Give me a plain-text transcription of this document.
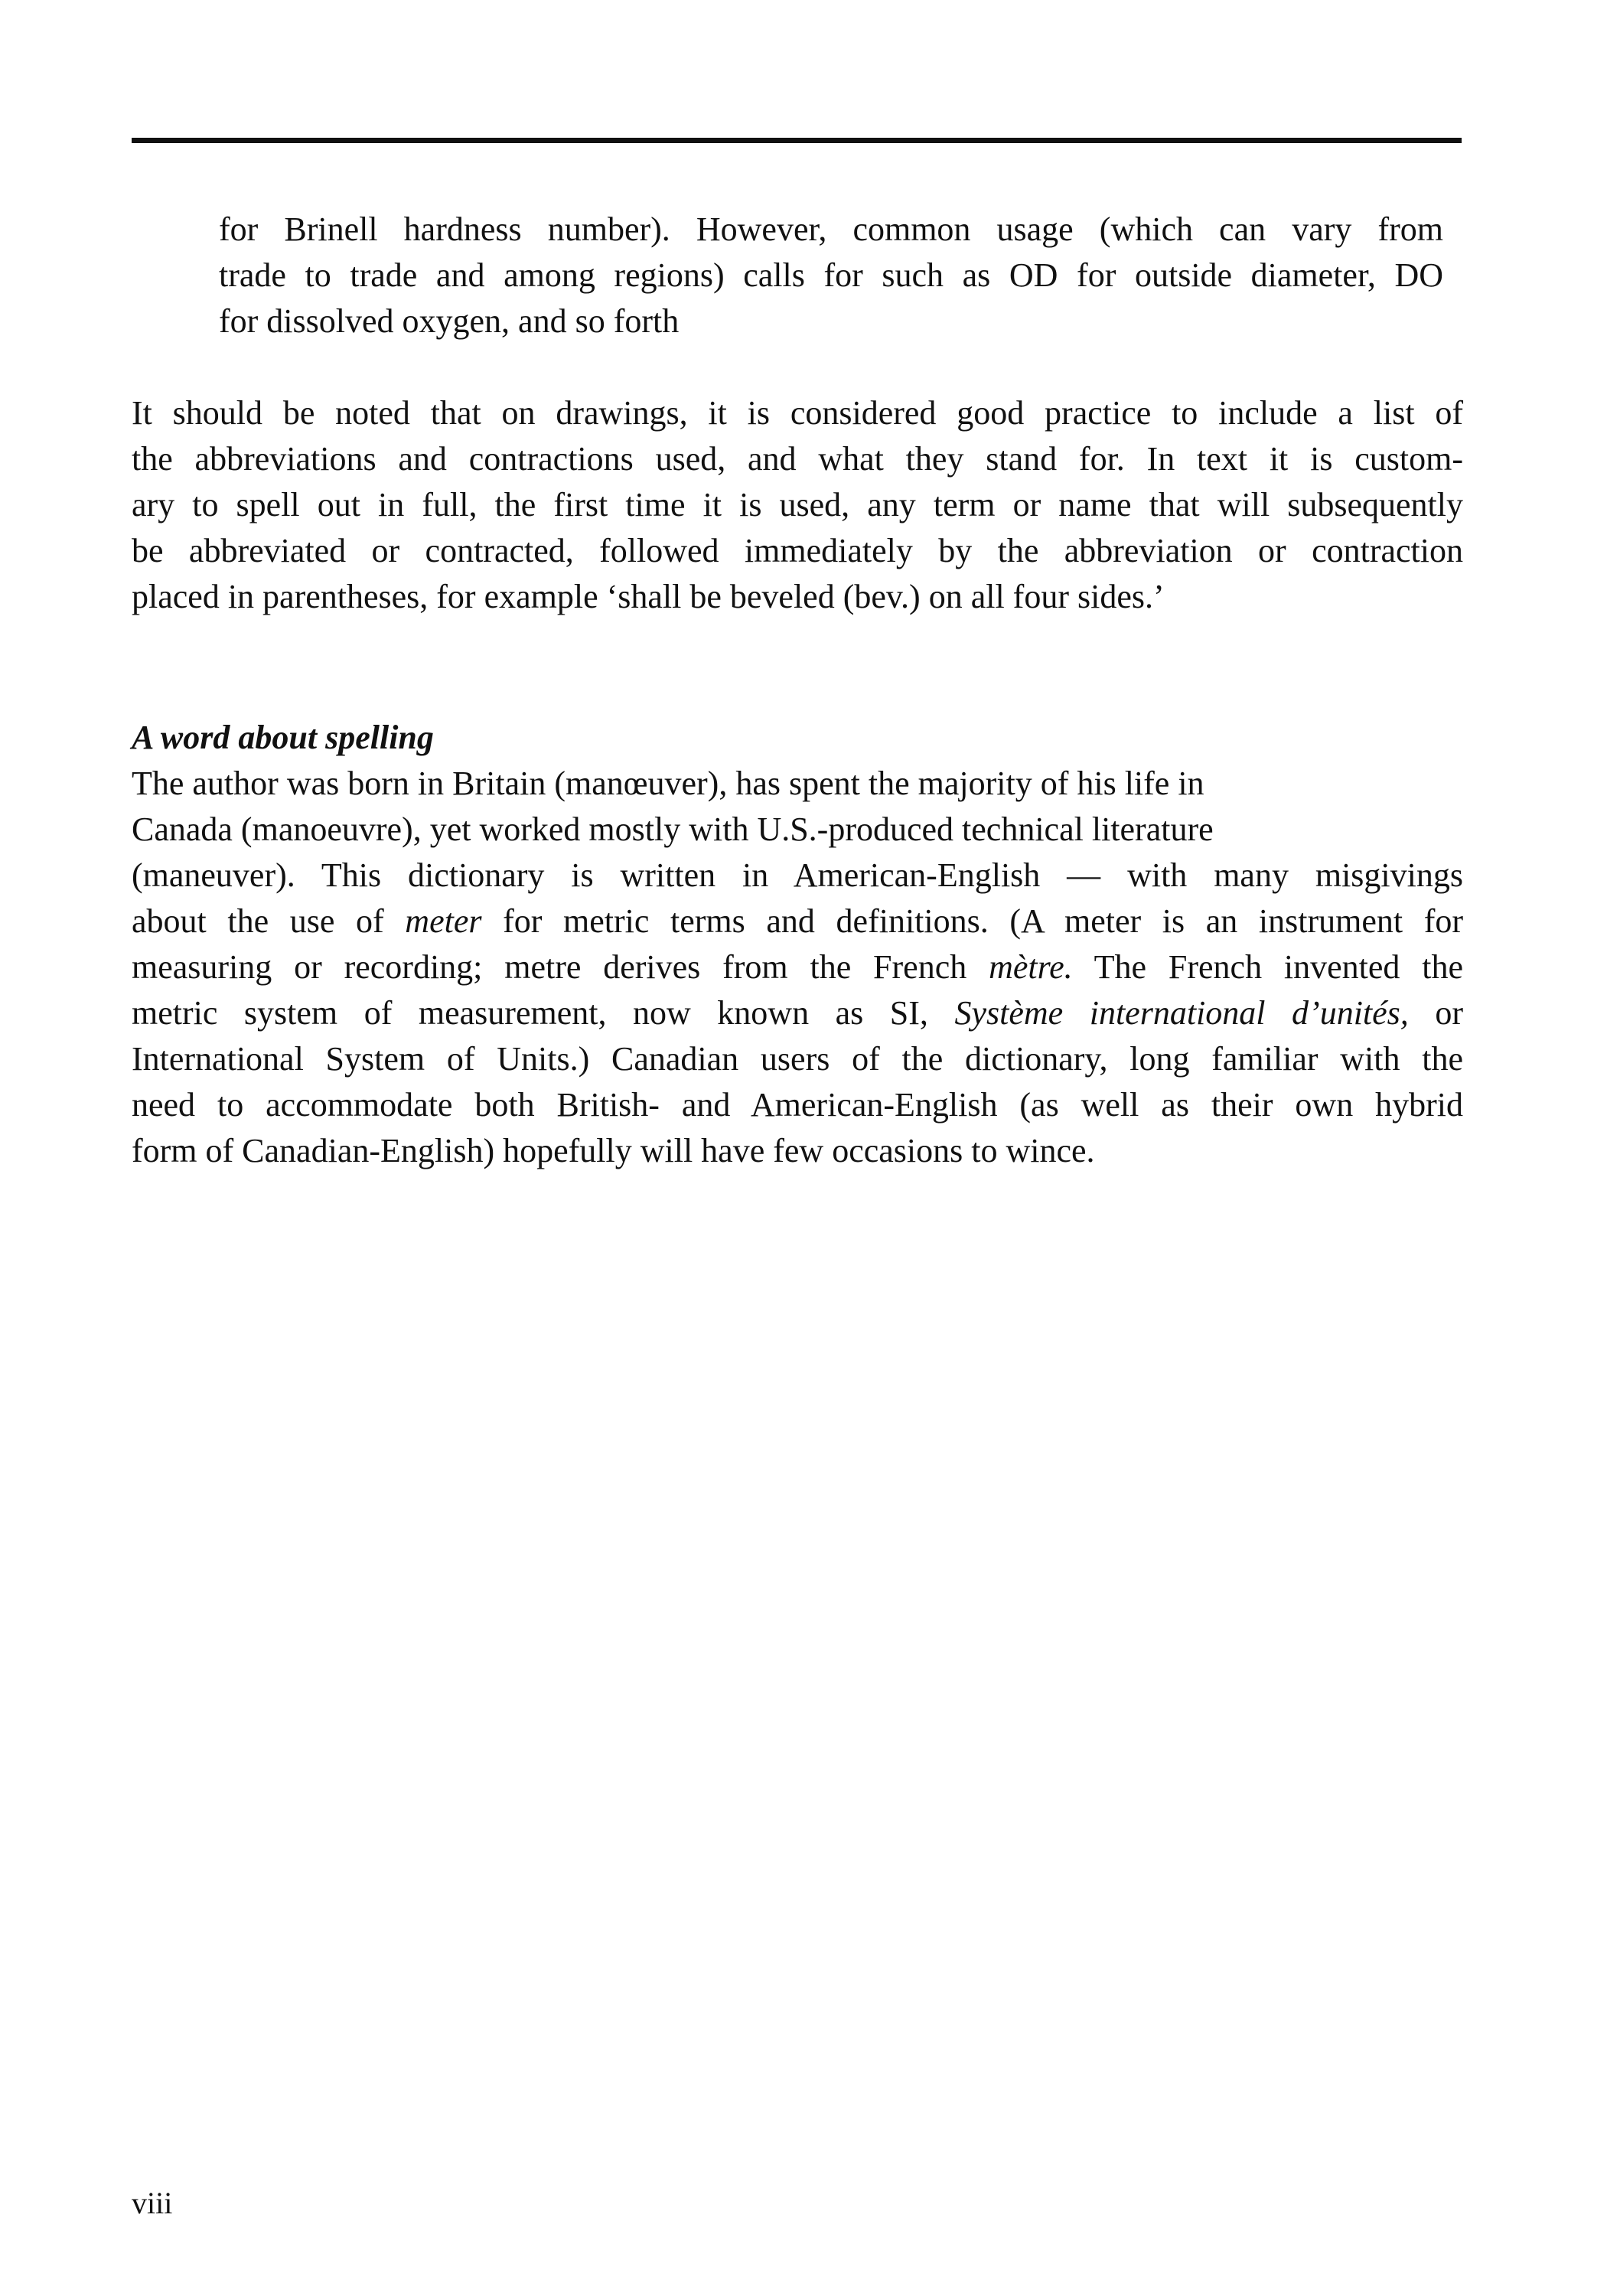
for Brinell hardness number). However, common usage (which can vary from
trade to trade and among regions) calls for such as OD for outside diameter, DO
for dissolved oxygen, and so forth

It should be noted that on drawings, it is considered good practice to include a list of
the abbreviations and contractions used, and what they stand for. In text it is custom-
ary to spell out in full, the first time it is used, any term or name that will subsequently
be abbreviated or contracted, followed immediately by the abbreviation or contraction
placed in parentheses, for example ‘shall be beveled (bev.) on all four sides.’

A word about spelling

The author was born in Britain (manœuver), has spent the majority of his life in
Canada (manoeuvre), yet worked mostly with U.S.-produced technical literature
(maneuver). This dictionary is written in American-English — with many misgivings
about the use of meter for metric terms and definitions. (A meter is an instrument for
measuring or recording; metre derives from the French mètre. The French invented the
metric system of measurement, now known as SI, Système international d’unités, or
International System of Units.) Canadian users of the dictionary, long familiar with the
need to accommodate both British- and American-English (as well as their own hybrid
form of Canadian-English) hopefully will have few occasions to wince.

viii
